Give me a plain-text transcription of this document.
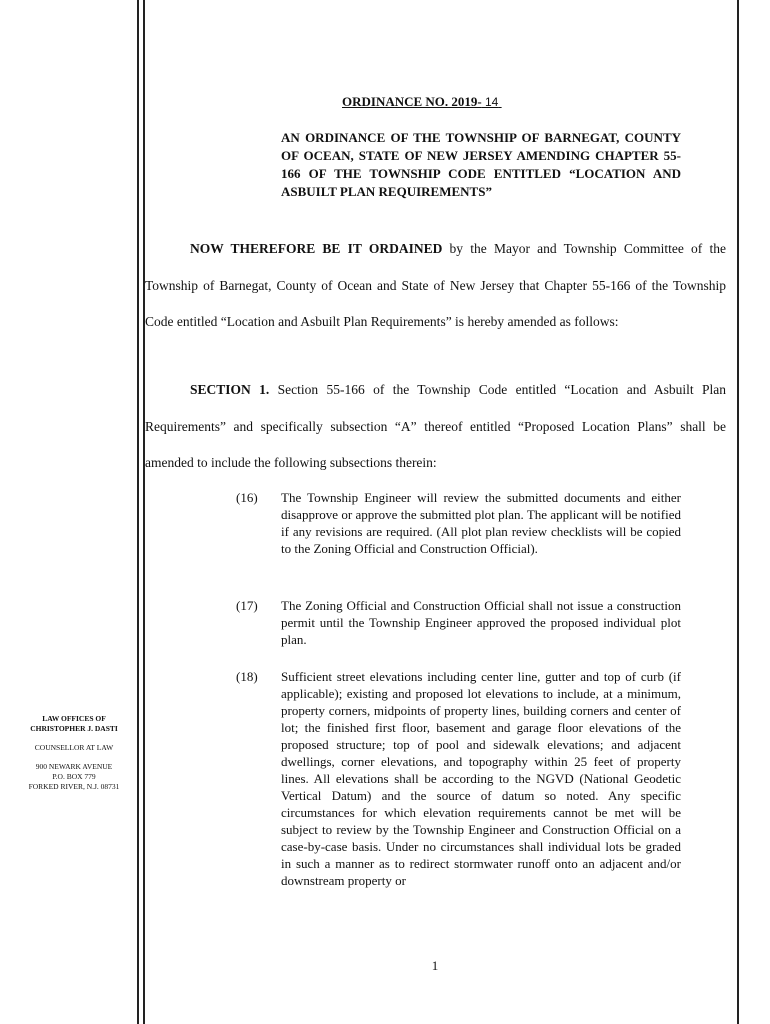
LAW OFFICES OF
CHRISTOPHER J. DASTI
COUNSELLOR AT LAW
900 NEWARK AVENUE
P.O. BOX 779
FORKED RIVER, N.J. 08731
ORDINANCE NO. 2019- 14
AN ORDINANCE OF THE TOWNSHIP OF BARNEGAT, COUNTY OF OCEAN, STATE OF NEW JERSEY AMENDING CHAPTER 55-166 OF THE TOWNSHIP CODE ENTITLED “LOCATION AND ASBUILT PLAN REQUIREMENTS”
NOW THEREFORE BE IT ORDAINED by the Mayor and Township Committee of the Township of Barnegat, County of Ocean and State of New Jersey that Chapter 55-166 of the Township Code entitled “Location and Asbuilt Plan Requirements” is hereby amended as follows:
SECTION 1. Section 55-166 of the Township Code entitled “Location and Asbuilt Plan Requirements” and specifically subsection “A” thereof entitled “Proposed Location Plans” shall be amended to include the following subsections therein:
(16) The Township Engineer will review the submitted documents and either disapprove or approve the submitted plot plan. The applicant will be notified if any revisions are required. (All plot plan review checklists will be copied to the Zoning Official and Construction Official).
(17) The Zoning Official and Construction Official shall not issue a construction permit until the Township Engineer approved the proposed individual plot plan.
(18) Sufficient street elevations including center line, gutter and top of curb (if applicable); existing and proposed lot elevations to include, at a minimum, property corners, midpoints of property lines, building corners and center of lot; the finished first floor, basement and garage floor elevations of the proposed structure; top of pool and sidewalk elevations; and adjacent dwellings, corner elevations, and topography within 25 feet of property lines. All elevations shall be according to the NGVD (National Geodetic Vertical Datum) and the source of datum so noted. Any specific circumstances for which elevation requirements cannot be met will be subject to review by the Township Engineer and Construction Official on a case-by-case basis. Under no circumstances shall individual lots be graded in such a manner as to redirect stormwater runoff onto an adjacent and/or downstream property or
1
